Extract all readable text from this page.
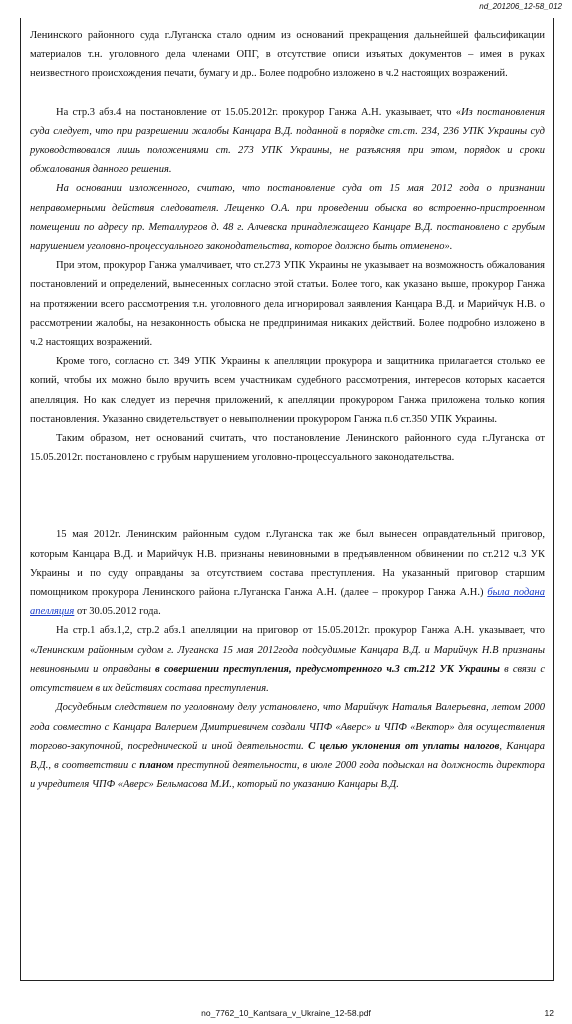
nd_201206_12-58_012

Ленинского районного суда г.Луганска стало одним из оснований прекращения дальнейшей фальсификации материалов т.н. уголовного дела членами ОПГ, в отсутствие описи изъятых документов – имея в руках неизвестного происхождения печати, бумагу и др.. Более подробно изложено в ч.2 настоящих возражений.

На стр.3 абз.4 на постановление от 15.05.2012г. прокурор Ганжа А.Н. указывает, что «Из постановления суда следует, что при разрешении жалобы Канцара В.Д. поданной в порядке ст.ст. 234, 236 УПК Украины суд руководствовался лишь положениями ст. 273 УПК Украины, не разъясняя при этом, порядок и сроки обжалования данного решения.

На основании изложенного, считаю, что постановление суда от 15 мая 2012 года о признании неправомерными действия следователя. Лещенко О.А. при проведении обыска во встроенно-пристроенном помещении по адресу пр. Металлургов д. 48 г. Алчевска принадлежащего Канцаре В.Д. постановлено с грубым нарушением уголовно-процессуального законодательства, которое должно быть отменено».

При этом, прокурор Ганжа умалчивает, что ст.273 УПК Украины не указывает на возможность обжалования постановлений и определений, вынесенных согласно этой статьи. Более того, как указано выше, прокурор Ганжа на протяжении всего рассмотрения т.н. уголовного дела игнорировал заявления Канцара В.Д. и Марийчук Н.В. о рассмотрении жалобы, на незаконность обыска не предпринимая никаких действий. Более подробно изложено в ч.2 настоящих возражений.

Кроме того, согласно ст. 349 УПК Украины к апелляции прокурора и защитника прилагается столько ее копий, чтобы их можно было вручить всем участникам судебного рассмотрения, интересов которых касается апелляция. Но как следует из перечня приложений, к апелляции прокурором Ганжа приложена только копия постановления. Указанно свидетельствует о невыполнении прокурором Ганжа п.6 ст.350 УПК Украины.

Таким образом, нет оснований считать, что постановление Ленинского районного суда г.Луганска от 15.05.2012г. постановлено с грубым нарушением уголовно-процессуального законодательства.

15 мая 2012г. Ленинским районным судом г.Луганска так же был вынесен оправдательный приговор, которым Канцара В.Д. и Марийчук Н.В. признаны невиновными в предъявленном обвинении по ст.212 ч.3 УК Украины и по суду оправданы за отсутствием состава преступления. На указанный приговор старшим помощником прокурора Ленинского района г.Луганска Ганжа А.Н. (далее – прокурор Ганжа А.Н.) была подана апелляция от 30.05.2012 года.

На стр.1 абз.1,2, стр.2 абз.1 апелляции на приговор от 15.05.2012г. прокурор Ганжа А.Н. указывает, что «Ленинским районным судом г. Луганска 15 мая 2012года подсудимые Канцара В.Д. и Марийчук Н.В признаны невиновными и оправданы в совершении преступления, предусмотренного ч.3 ст.212 УК Украины в связи с отсутствием в их действиях состава преступления.

Досудебным следствием по уголовному делу установлено, что Марийчук Наталья Валерьевна, летом 2000 года совместно с Канцара Валерием Дмитриевичем создали ЧПФ «Аверс» и ЧПФ «Вектор» для осуществления торгово-закупочной, посреднической и иной деятельности. С целью уклонения от уплаты налогов, Канцара В.Д., в соответствии с планом преступной деятельности, в июле 2000 года подыскал на должность директора и учредителя ЧПФ «Аверс» Бельмасова М.И., который по указанию Канцары В.Д.

no_7762_10_Kantsara_v_Ukraine_12-58.pdf	12
